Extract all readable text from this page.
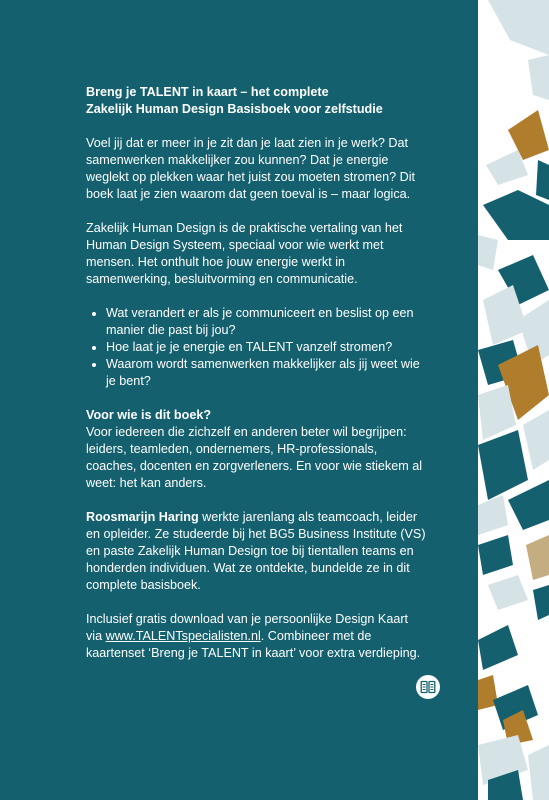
Breng je TALENT in kaart – het complete
Zakelijk Human Design Basisboek voor zelfstudie

Voel jij dat er meer in je zit dan je laat zien in je werk? Dat samenwerken makkelijker zou kunnen? Dat je energie weglekt op plekken waar het juist zou moeten stromen? Dit boek laat je zien waarom dat geen toeval is – maar logica.

Zakelijk Human Design is de praktische vertaling van het Human Design Systeem, speciaal voor wie werkt met mensen. Het onthult hoe jouw energie werkt in samenwerking, besluitvorming en communicatie.

• Wat verandert er als je communiceert en beslist op een manier die past bij jou?
• Hoe laat je je energie en TALENT vanzelf stromen?
• Waarom wordt samenwerken makkelijker als jij weet wie je bent?

Voor wie is dit boek?
Voor iedereen die zichzelf en anderen beter wil begrijpen: leiders, teamleden, ondernemers, HR-professionals, coaches, docenten en zorgverleners. En voor wie stiekem al weet: het kan anders.

Roosmarijn Haring werkte jarenlang als teamcoach, leider en opleider. Ze studeerde bij het BG5 Business Institute (VS) en paste Zakelijk Human Design toe bij tientallen teams en honderden individuen. Wat ze ontdekte, bundelde ze in dit complete basisboek.

Inclusief gratis download van je persoonlijke Design Kaart via www.TALENTspecialisten.nl. Combineer met de kaartenset ‘Breng je TALENT in kaart’ voor extra verdieping.
